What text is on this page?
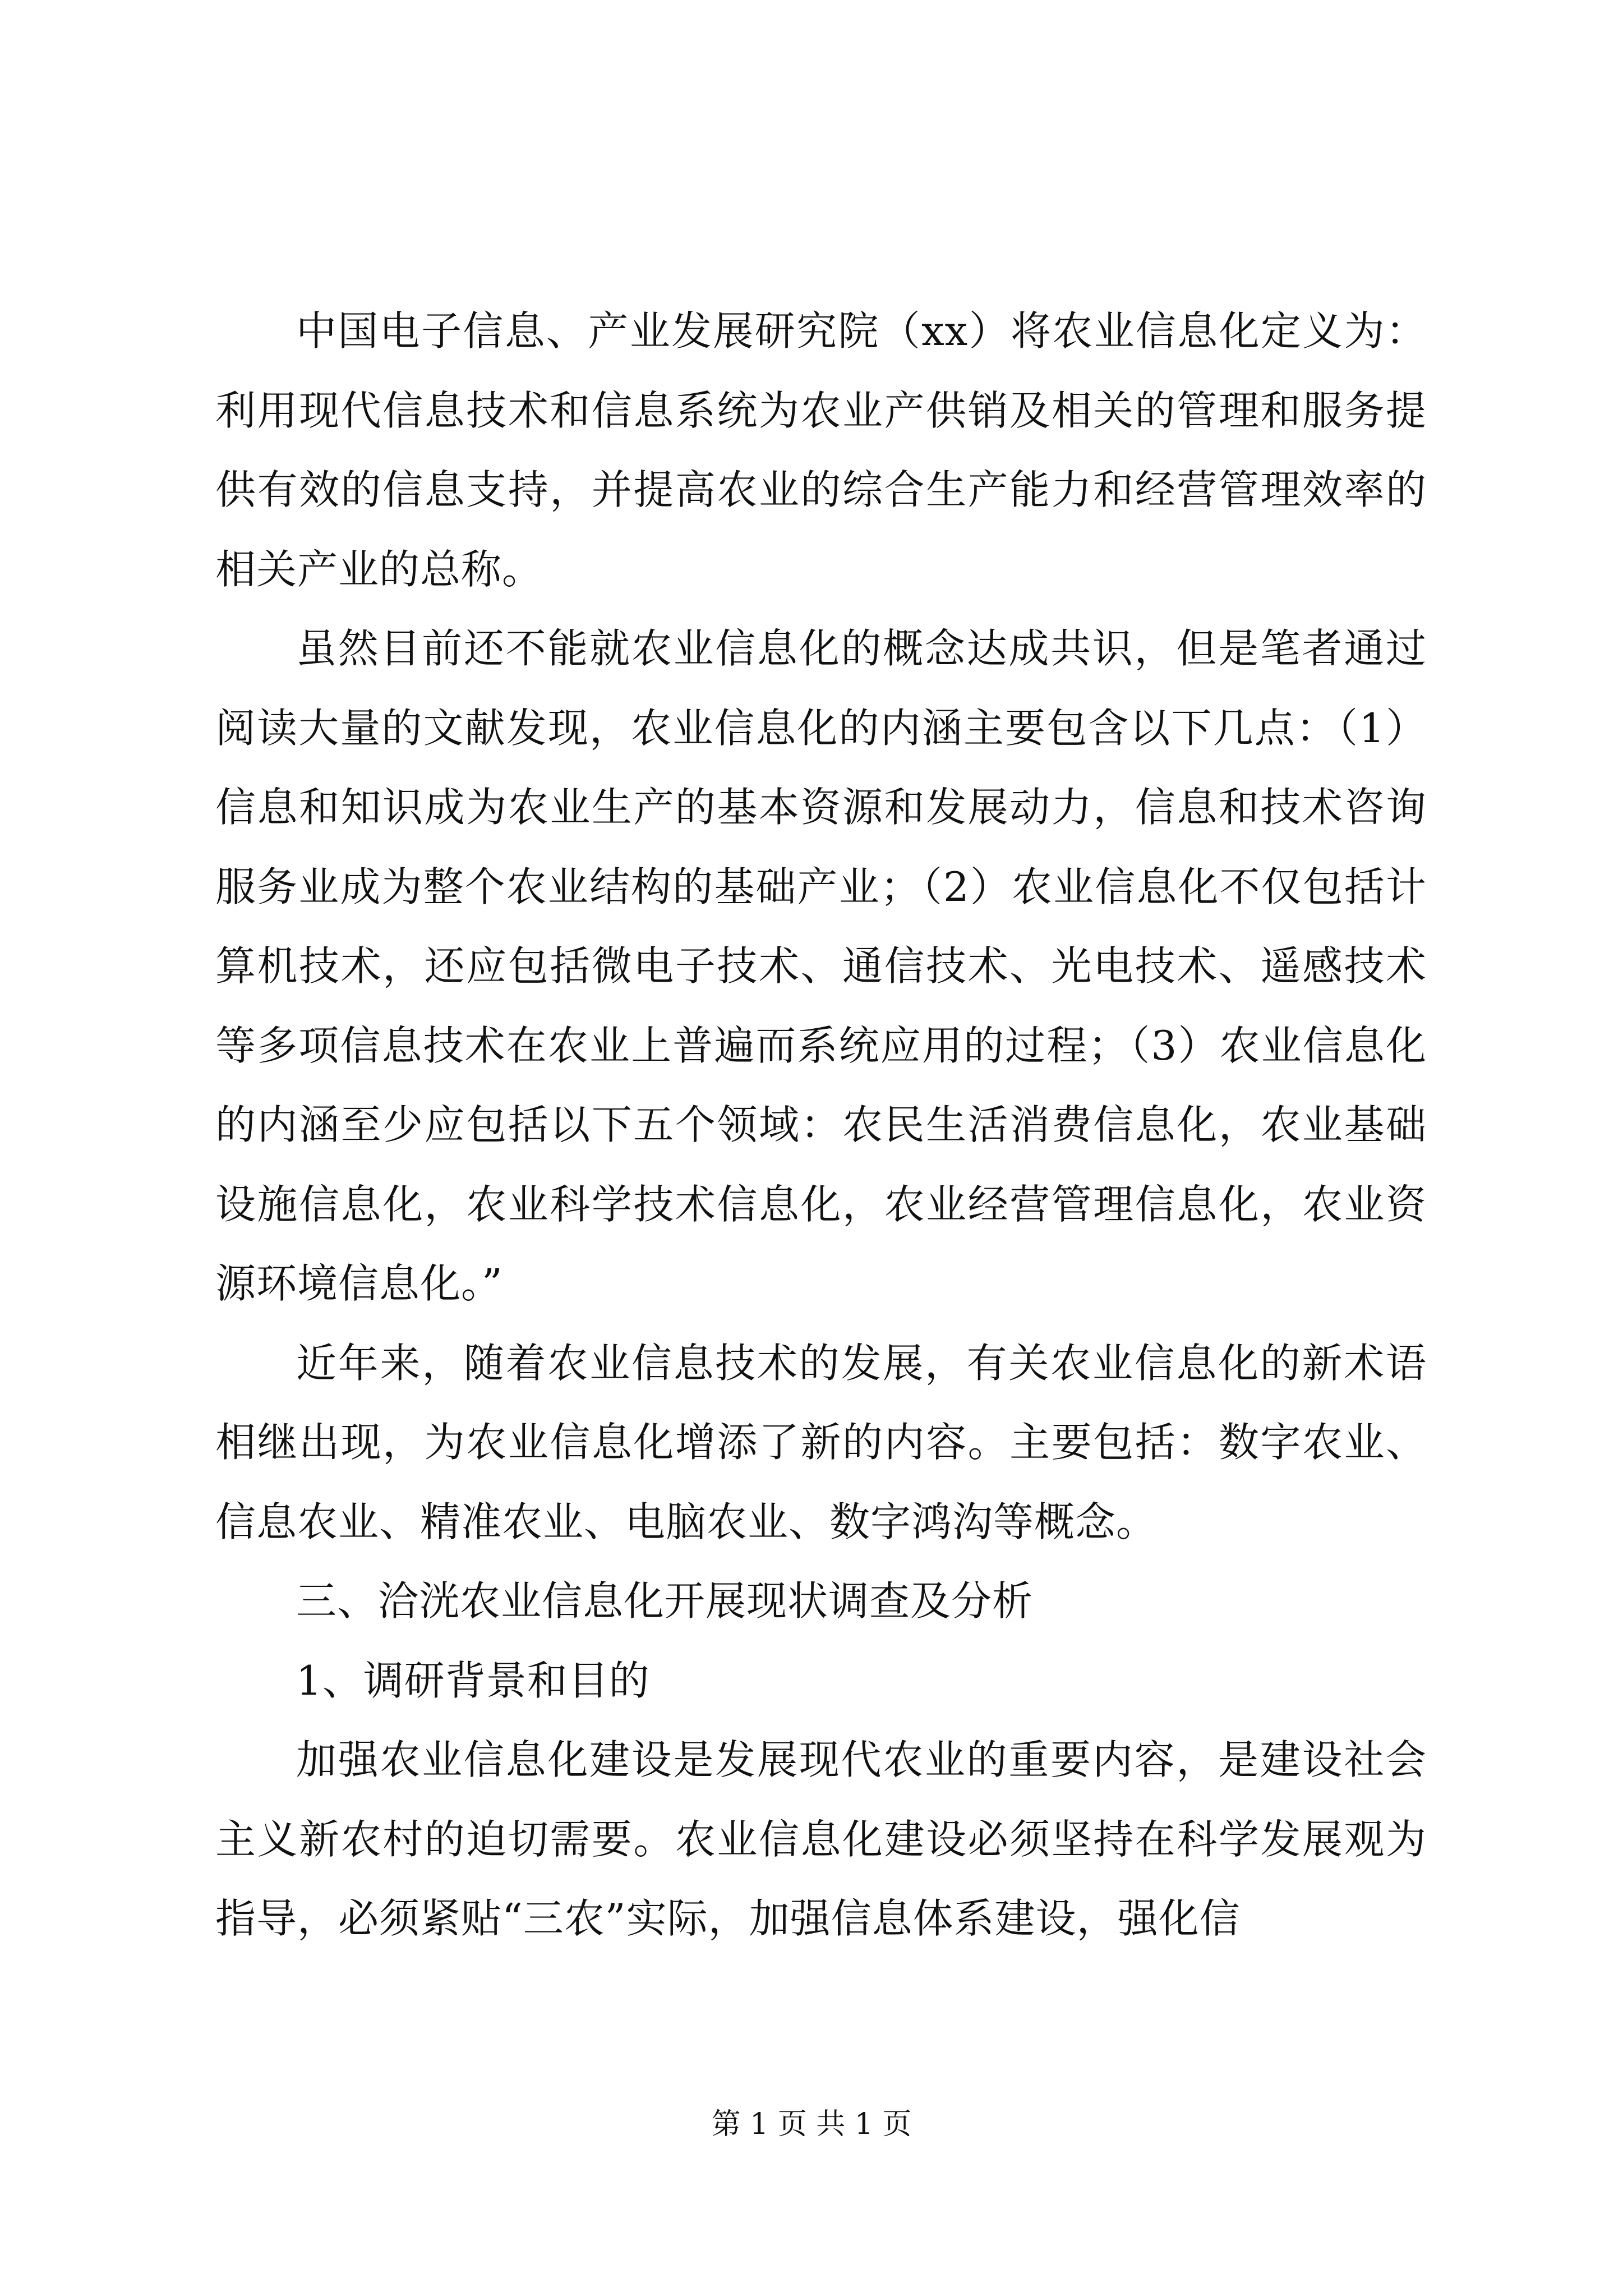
中国电子信息、产业发展研究院（xx）将农业信息化定义为：利用现代信息技术和信息系统为农业产供销及相关的管理和服务提供有效的信息支持，并提高农业的综合生产能力和经营管理效率的相关产业的总称。

虽然目前还不能就农业信息化的概念达成共识，但是笔者通过阅读大量的文献发现，农业信息化的内涵主要包含以下几点：（1）信息和知识成为农业生产的基本资源和发展动力，信息和技术咨询服务业成为整个农业结构的基础产业；（2）农业信息化不仅包括计算机技术，还应包括微电子技术、通信技术、光电技术、遥感技术等多项信息技术在农业上普遍而系统应用的过程；（3）农业信息化的内涵至少应包括以下五个领域：农民生活消费信息化，农业基础设施信息化，农业科学技术信息化，农业经营管理信息化，农业资源环境信息化。”

近年来，随着农业信息技术的发展，有关农业信息化的新术语相继出现，为农业信息化增添了新的内容。主要包括：数字农业、信息农业、精准农业、电脑农业、数字鸿沟等概念。

三、洽洸农业信息化开展现状调查及分析

1、调研背景和目的

加强农业信息化建设是发展现代农业的重要内容，是建设社会主义新农村的迫切需要。农业信息化建设必须坚持在科学发展观为指导，必须紧贴“三农”实际，加强信息体系建设，强化信

第 1 页 共 1 页
